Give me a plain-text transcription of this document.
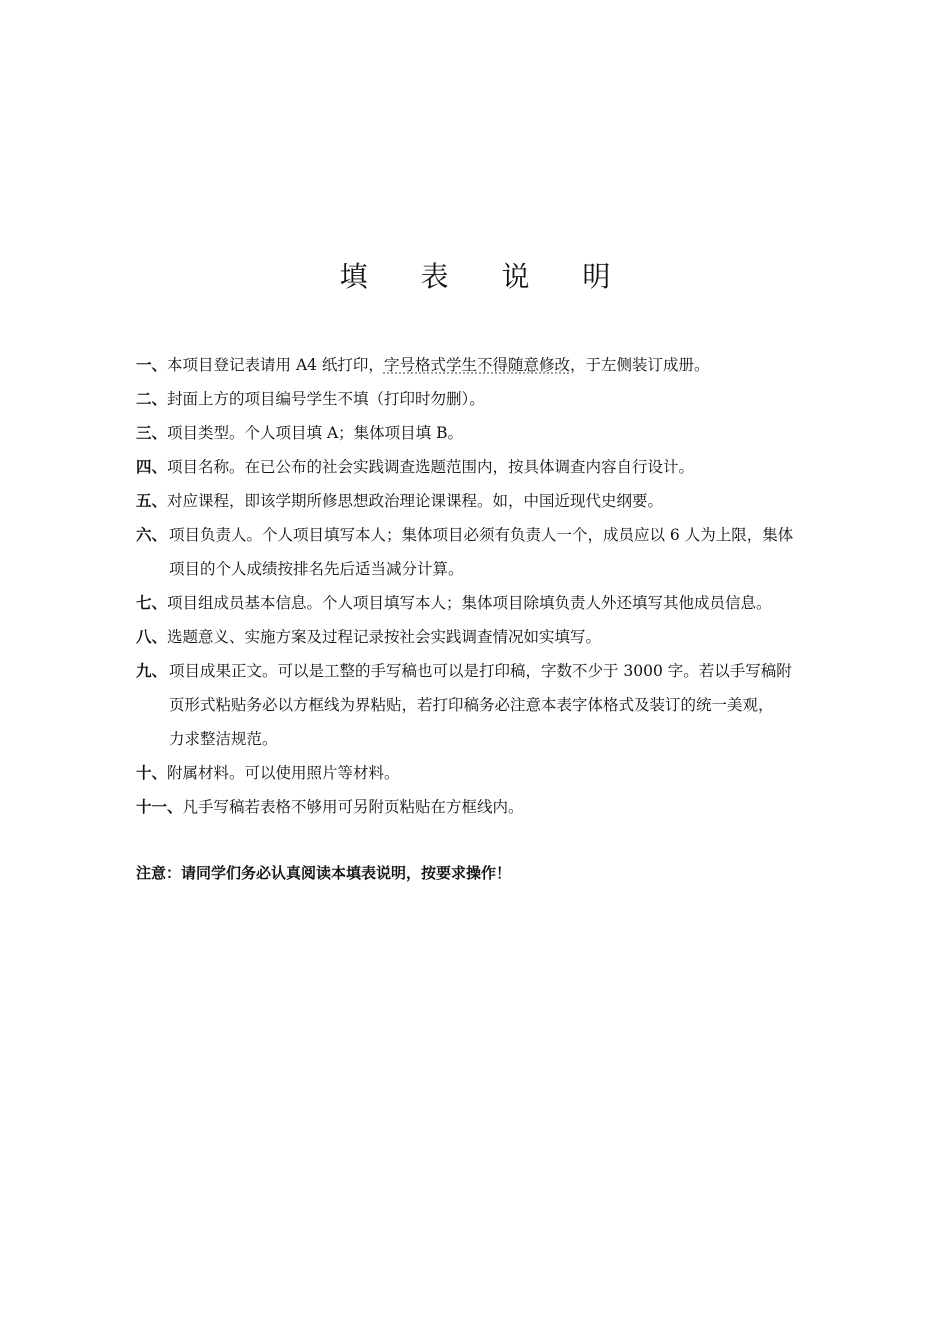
填 表 说 明
一、 本项目登记表请用 A4 纸打印，字号格式学生不得随意修改，于左侧装订成册。
二、 封面上方的项目编号学生不填（打印时勿删）。
三、 项目类型。个人项目填 A；集体项目填 B。
四、 项目名称。在已公布的社会实践调查选题范围内，按具体调查内容自行设计。
五、 对应课程，即该学期所修思想政治理论课课程。如，中国近现代史纲要。
六、 项目负责人。个人项目填写本人；集体项目必须有负责人一个，成员应以 6 人为上限，集体
项目的个人成绩按排名先后适当减分计算。
七、 项目组成员基本信息。个人项目填写本人；集体项目除填负责人外还填写其他成员信息。
八、 选题意义、实施方案及过程记录按社会实践调查情况如实填写。
九、 项目成果正文。可以是工整的手写稿也可以是打印稿，字数不少于 3000 字。若以手写稿附
页形式粘贴务必以方框线为界粘贴，若打印稿务必注意本表字体格式及装订的统一美观，
力求整洁规范。
十、 附属材料。可以使用照片等材料。
十一、 凡手写稿若表格不够用可另附页粘贴在方框线内。

注意：请同学们务必认真阅读本填表说明，按要求操作！
